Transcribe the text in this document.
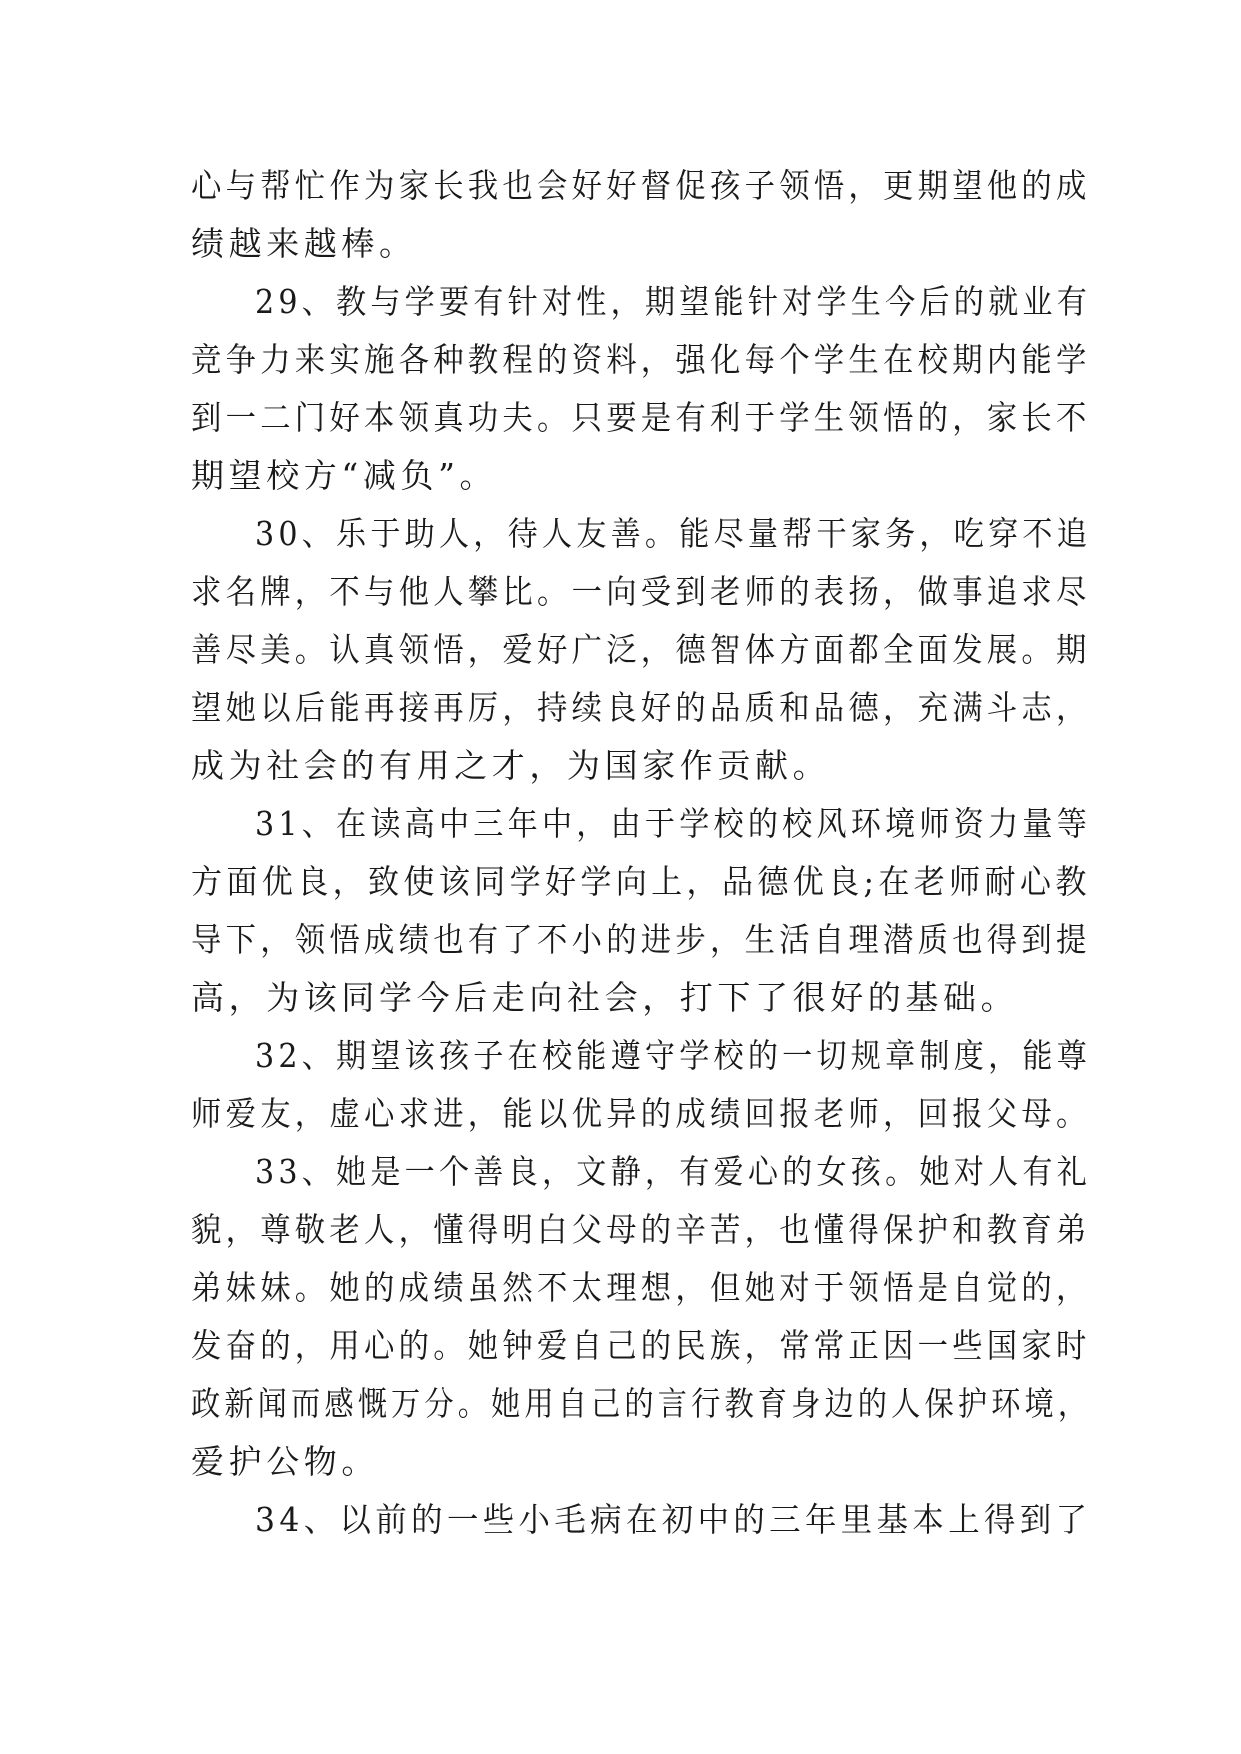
心与帮忙作为家长我也会好好督促孩子领悟，更期望他的成
绩越来越棒。
29、教与学要有针对性，期望能针对学生今后的就业有
竞争力来实施各种教程的资料，强化每个学生在校期内能学
到一二门好本领真功夫。只要是有利于学生领悟的，家长不
期望校方“减负”。
30、乐于助人，待人友善。能尽量帮干家务，吃穿不追
求名牌，不与他人攀比。一向受到老师的表扬，做事追求尽
善尽美。认真领悟，爱好广泛，德智体方面都全面发展。期
望她以后能再接再厉，持续良好的品质和品德，充满斗志，
成为社会的有用之才，为国家作贡献。
31、在读高中三年中，由于学校的校风环境师资力量等
方面优良，致使该同学好学向上，品德优良;在老师耐心教
导下，领悟成绩也有了不小的进步，生活自理潜质也得到提
高，为该同学今后走向社会，打下了很好的基础。
32、期望该孩子在校能遵守学校的一切规章制度，能尊
师爱友，虚心求进，能以优异的成绩回报老师，回报父母。
33、她是一个善良，文静，有爱心的女孩。她对人有礼
貌，尊敬老人，懂得明白父母的辛苦，也懂得保护和教育弟
弟妹妹。她的成绩虽然不太理想，但她对于领悟是自觉的，
发奋的，用心的。她钟爱自己的民族，常常正因一些国家时
政新闻而感慨万分。她用自己的言行教育身边的人保护环境，
爱护公物。
34、以前的一些小毛病在初中的三年里基本上得到了
